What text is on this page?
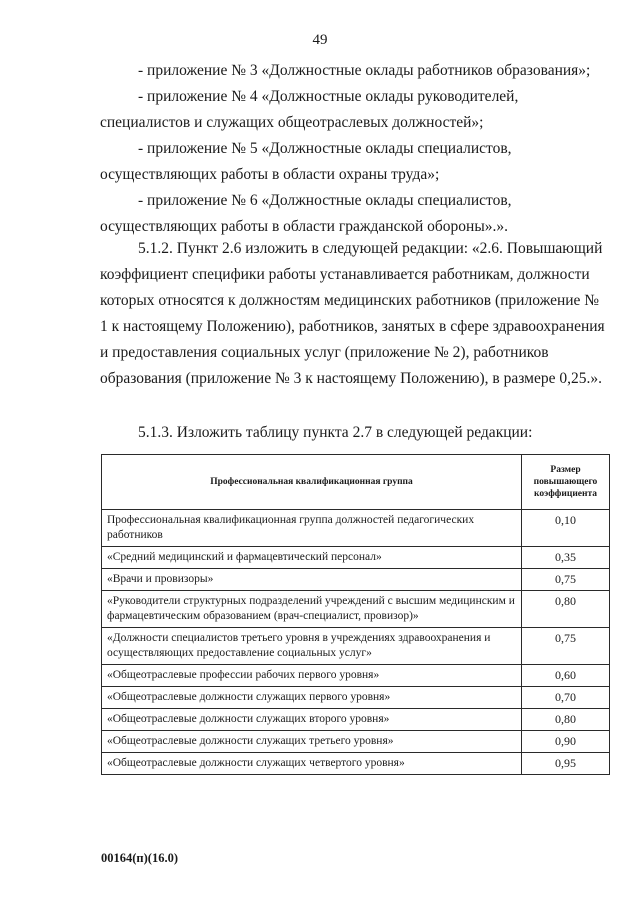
49

- приложение № 3 «Должностные оклады работников образования»;

- приложение № 4 «Должностные оклады руководителей, специалистов и служащих общеотраслевых должностей»;

- приложение № 5 «Должностные оклады специалистов, осуществляющих работы в области охраны труда»;

- приложение № 6 «Должностные оклады специалистов, осуществляющих работы в области гражданской обороны».».

5.1.2. Пункт 2.6 изложить в следующей редакции: «2.6. Повышающий коэффициент специфики работы устанавливается работникам, должности которых относятся к должностям медицинских работников (приложение № 1 к настоящему Положению), работников, занятых в сфере здравоохранения и предоставления социальных услуг (приложение № 2), работников образования (приложение № 3 к настоящему Положению), в размере 0,25.».

5.1.3. Изложить таблицу пункта 2.7 в следующей редакции:

Профессиональная квалификационная группа	Размер повышающего коэффициента
Профессиональная квалификационная группа должностей педагогических работников	0,10
«Средний медицинский и фармацевтический персонал»	0,35
«Врачи и провизоры»	0,75
«Руководители структурных подразделений учреждений с высшим медицинским и фармацевтическим образованием (врач-специалист, провизор)»	0,80
«Должности специалистов третьего уровня в учреждениях здравоохранения и осуществляющих предоставление социальных услуг»	0,75
«Общеотраслевые профессии рабочих первого уровня»	0,60
«Общеотраслевые должности служащих первого уровня»	0,70
«Общеотраслевые должности служащих второго уровня»	0,80
«Общеотраслевые должности служащих третьего уровня»	0,90
«Общеотраслевые должности служащих четвертого уровня»	0,95
00164(п)(16.0)
